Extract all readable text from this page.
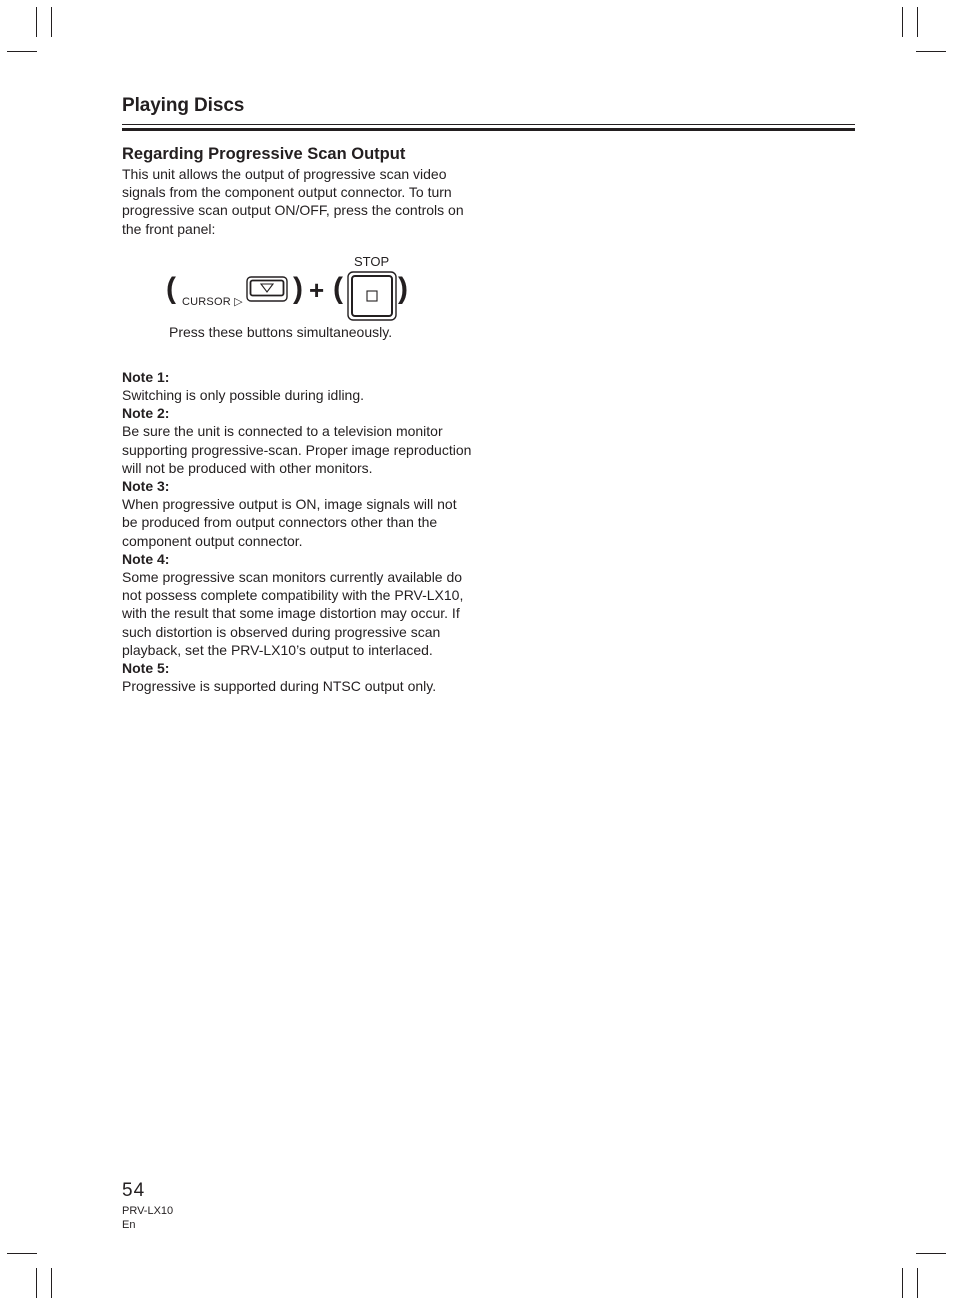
Playing Discs
Regarding Progressive Scan Output

This unit allows the output of progressive scan video signals from the component output connector. To turn progressive scan output ON/OFF, press the controls on the front panel:

( CURSOR ▷ ) + (
STOP
)
Press these buttons simultaneously.
Note 1:

Switching is only possible during idling.

Note 2:

Be sure the unit is connected to a television monitor supporting progressive-scan. Proper image reproduction will not be produced with other monitors.

Note 3:

When progressive output is ON, image signals will not be produced from output connectors other than the component output connector.

Note 4:

Some progressive scan monitors currently available do not possess complete compatibility with the PRV-LX10, with the result that some image distortion may occur. If such distortion is observed during progressive scan playback, set the PRV-LX10’s output to interlaced.

Note 5:

Progressive is supported during NTSC output only.

54
PRV-LX10
En
